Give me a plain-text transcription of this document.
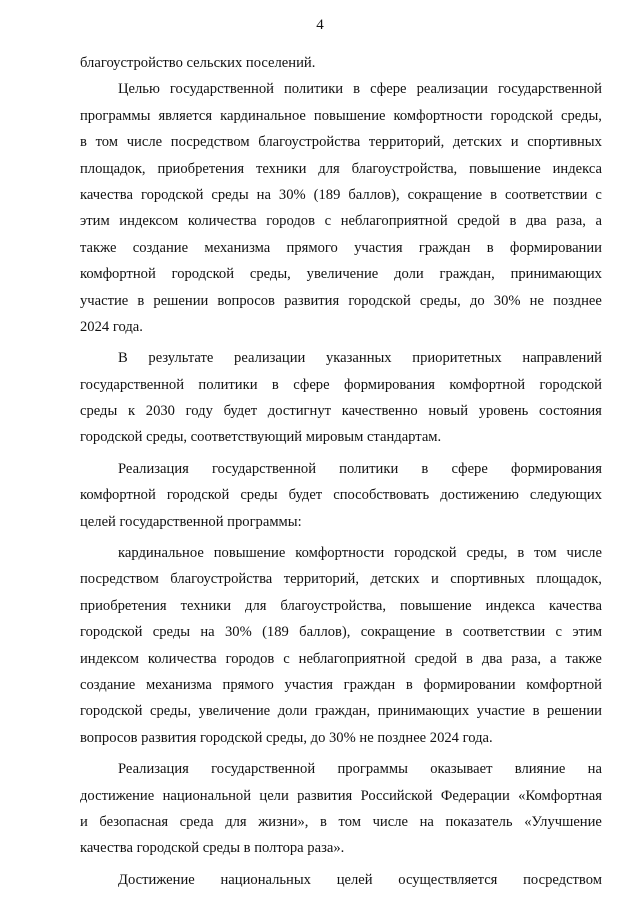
4
благоустройство сельских поселений.
Целью государственной политики в сфере реализации государственной
программы является кардинальное повышение комфортности городской среды,
в том числе посредством благоустройства территорий, детских и спортивных
площадок, приобретения техники для благоустройства, повышение индекса
качества городской среды на 30% (189 баллов), сокращение в соответствии с
этим индексом количества городов с неблагоприятной средой в два раза, а
также создание механизма прямого участия граждан в формировании
комфортной городской среды, увеличение доли граждан, принимающих
участие в решении вопросов развития городской среды, до 30% не позднее
2024 года.
В результате реализации указанных приоритетных направлений
государственной политики в сфере формирования комфортной городской
среды к 2030 году будет достигнут качественно новый уровень состояния
городской среды, соответствующий мировым стандартам.
Реализация государственной политики в сфере формирования
комфортной городской среды будет способствовать достижению следующих
целей государственной программы:
кардинальное повышение комфортности городской среды, в том числе
посредством благоустройства территорий, детских и спортивных площадок,
приобретения техники для благоустройства, повышение индекса качества
городской среды на 30% (189 баллов), сокращение в соответствии с этим
индексом количества городов с неблагоприятной средой в два раза, а также
создание механизма прямого участия граждан в формировании комфортной
городской среды, увеличение доли граждан, принимающих участие в решении
вопросов развития городской среды, до 30% не позднее 2024 года.
Реализация государственной программы оказывает влияние на
достижение национальной цели развития Российской Федерации «Комфортная
и безопасная среда для жизни», в том числе на показатель «Улучшение
качества городской среды в полтора раза».
Достижение национальных целей осуществляется посредством
